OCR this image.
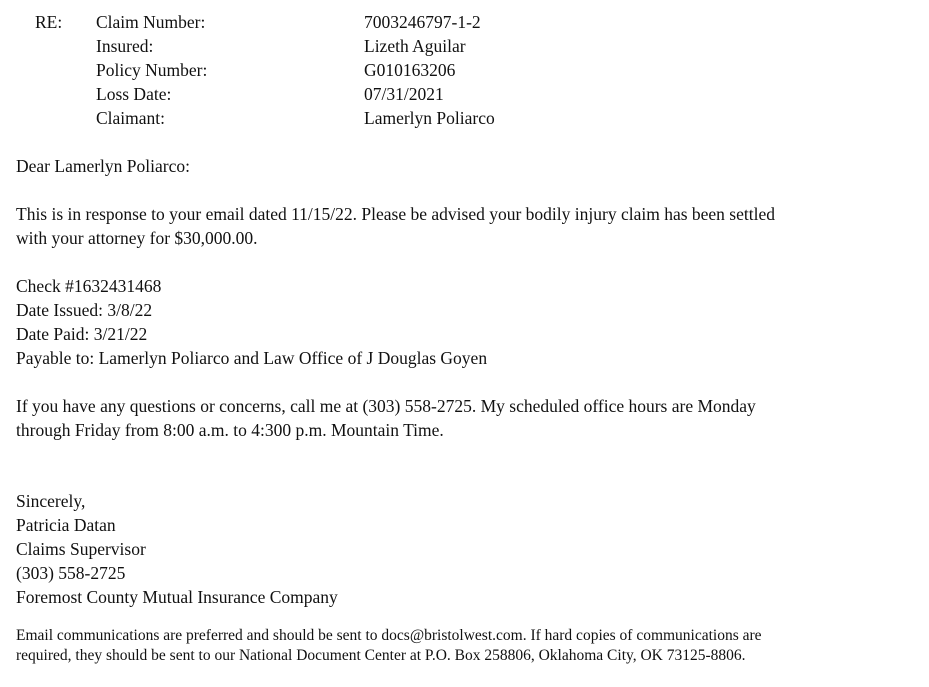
RE: Claim Number:	7003246797-1-2
Insured:	Lizeth Aguilar
Policy Number:	G010163206
Loss Date:	07/31/2021
Claimant:	Lamerlyn Poliarco
Dear Lamerlyn Poliarco:
This is in response to your email dated 11/15/22. Please be advised your bodily injury claim has been settled
with your attorney for $30,000.00.
Check #1632431468
Date Issued: 3/8/22
Date Paid: 3/21/22
Payable to: Lamerlyn Poliarco and Law Office of J Douglas Goyen
If you have any questions or concerns, call me at (303) 558-2725. My scheduled office hours are Monday
through Friday from 8:00 a.m. to 4:300 p.m. Mountain Time.
Sincerely,
Patricia Datan
Claims Supervisor
(303) 558-2725
Foremost County Mutual Insurance Company
Email communications are preferred and should be sent to docs@bristolwest.com. If hard copies of communications are
required, they should be sent to our National Document Center at P.O. Box 258806, Oklahoma City, OK 73125-8806.
